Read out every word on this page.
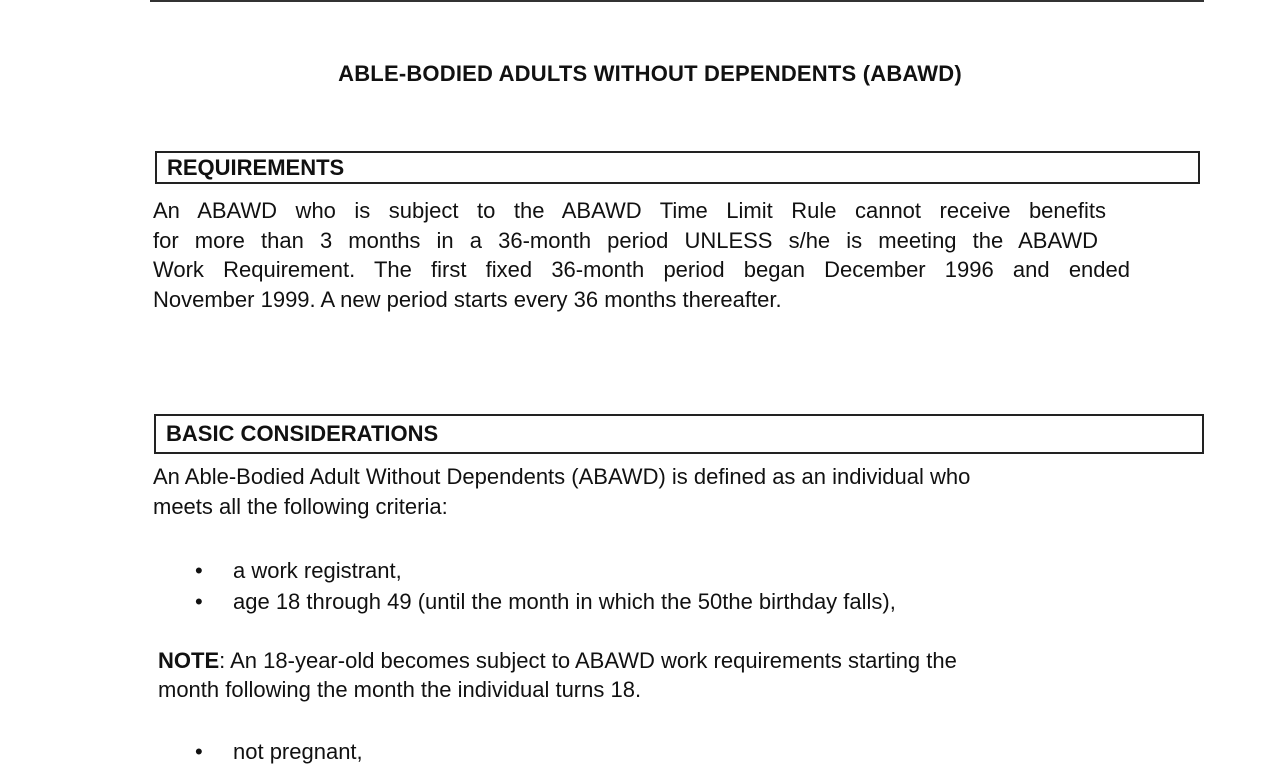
ABLE-BODIED ADULTS WITHOUT DEPENDENTS (ABAWD)
REQUIREMENTS

An ABAWD who is subject to the ABAWD Time Limit Rule cannot receive benefits
for more than 3 months in a 36-month period UNLESS s/he is meeting the ABAWD
Work Requirement. The first fixed 36-month period began December 1996 and ended
November 1999. A new period starts every 36 months thereafter.

BASIC CONSIDERATIONS

An Able-Bodied Adult Without Dependents (ABAWD) is defined as an individual who
meets all the following criteria:

• a work registrant,
• age 18 through 49 (until the month in which the 50the birthday falls),

NOTE: An 18-year-old becomes subject to ABAWD work requirements starting the
month following the month the individual turns 18.

• not pregnant,
